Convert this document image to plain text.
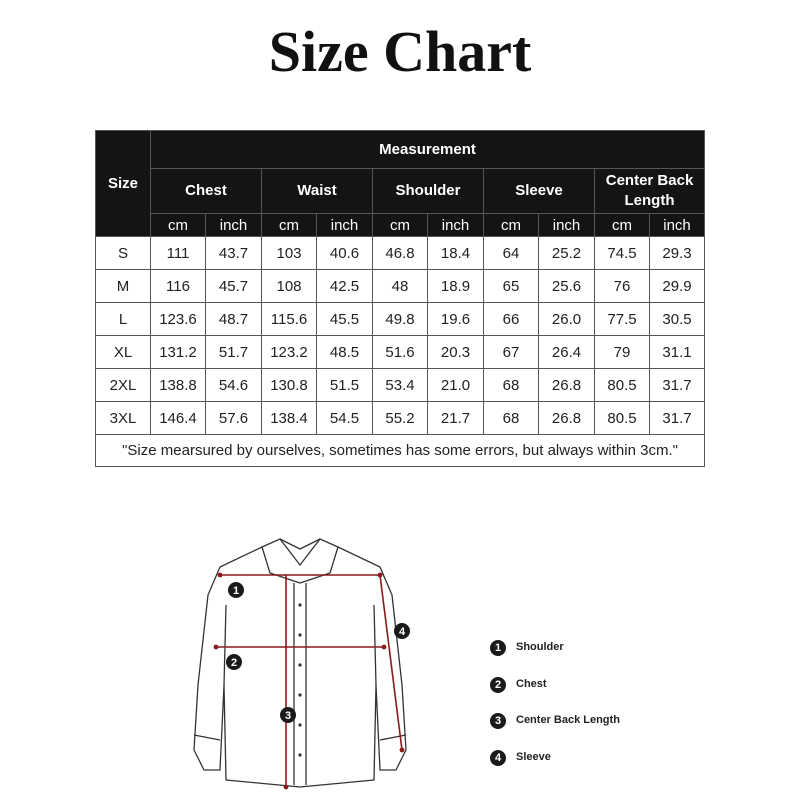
Size Chart
Size	Measurement									
	Chest		Waist		Shoulder		Sleeve		Center Back Length	
	cm	inch	cm	inch	cm	inch	cm	inch	cm	inch
S	111	43.7	103	40.6	46.8	18.4	64	25.2	74.5	29.3
M	116	45.7	108	42.5	48	18.9	65	25.6	76	29.9
L	123.6	48.7	115.6	45.5	49.8	19.6	66	26.0	77.5	30.5
XL	131.2	51.7	123.2	48.5	51.6	20.3	67	26.4	79	31.1
2XL	138.8	54.6	130.8	51.5	53.4	21.0	68	26.8	80.5	31.7
3XL	146.4	57.6	138.4	54.5	55.2	21.7	68	26.8	80.5	31.7
"Size mearsured by ourselves, sometimes has some errors, but always within 3cm."										
1
2
3
4
1	Shoulder
2	Chest
3	Center Back Length
4	Sleeve
